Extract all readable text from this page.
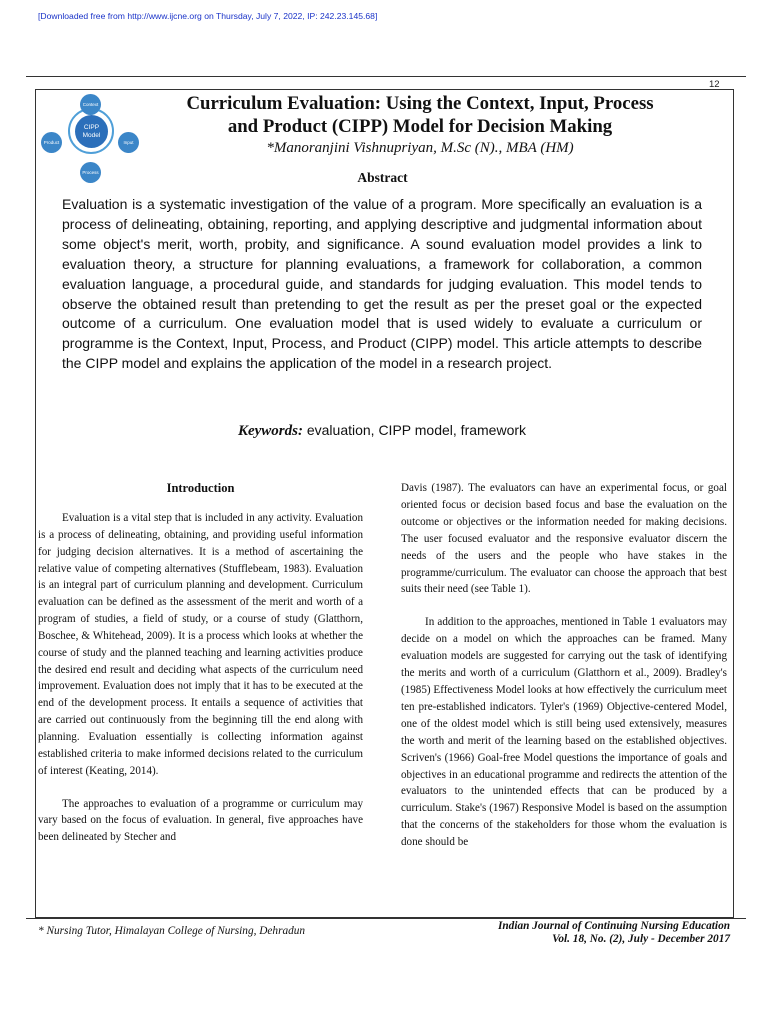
[Downloaded free from http://www.ijcne.org on Thursday, July 7, 2022, IP: 242.23.145.68]
12
CIPP Model
Context
Input
Process
Product
Curriculum Evaluation: Using the Context, Input, Process
and Product (CIPP) Model for Decision Making
*Manoranjini Vishnupriyan, M.Sc (N)., MBA (HM)
Abstract
Evaluation is a systematic investigation of the value of a program. More specifically an evaluation is a process of delineating, obtaining, reporting, and applying descriptive and judgmental information about some object's merit, worth, probity, and significance. A sound evaluation model provides a link to evaluation theory, a structure for planning evaluations, a framework for collaboration, a common evaluation language, a procedural guide, and standards for judging evaluation. This model tends to observe the obtained result than pretending to get the result as per the preset goal or the expected outcome of a curriculum. One evaluation model that is used widely to evaluate a curriculum or programme is the Context, Input, Process, and Product (CIPP) model. This article attempts to describe the CIPP model and explains the application of the model in a research project.
Keywords: evaluation, CIPP model, framework
Introduction

Evaluation is a vital step that is included in any activity. Evaluation is a process of delineating, obtaining, and providing useful information for judging decision alternatives. It is a method of ascertaining the relative value of competing alternatives (Stufflebeam, 1983). Evaluation is an integral part of curriculum planning and development. Curriculum evaluation can be defined as the assessment of the merit and worth of a program of studies, a field of study, or a course of study (Glatthorn, Boschee, & Whitehead, 2009). It is a process which looks at whether the course of study and the planned teaching and learning activities produce the desired end result and deciding what aspects of the curriculum need improvement. Evaluation does not imply that it has to be executed at the end of the development process. It entails a sequence of activities that are carried out continuously from the beginning till the end along with planning. Evaluation essentially is collecting information against established criteria to make informed decisions related to the curriculum of interest (Keating, 2014).

The approaches to evaluation of a programme or curriculum may vary based on the focus of evaluation. In general, five approaches have been delineated by Stecher and

Davis (1987). The evaluators can have an experimental focus, or goal oriented focus or decision based focus and base the evaluation on the outcome or objectives or the information needed for making decisions. The user focused evaluator and the responsive evaluator discern the needs of the users and the people who have stakes in the programme/curriculum. The evaluator can choose the approach that best suits their need (see Table 1).

In addition to the approaches, mentioned in Table 1 evaluators may decide on a model on which the approaches can be framed. Many evaluation models are suggested for carrying out the task of identifying the merits and worth of a curriculum (Glatthorn et al., 2009). Bradley's (1985) Effectiveness Model looks at how effectively the curriculum meet ten pre-established indicators. Tyler's (1969) Objective-centered Model, one of the oldest model which is still being used extensively, measures the worth and merit of the learning based on the established objectives. Scriven's (1966) Goal-free Model questions the importance of goals and objectives in an educational programme and redirects the attention of the evaluators to the unintended effects that can be produced by a curriculum. Stake's (1967) Responsive Model is based on the assumption that the concerns of the stakeholders for those whom the evaluation is done should be

* Nursing Tutor, Himalayan College of Nursing, Dehradun	Indian Journal of Continuing Nursing Education
Vol. 18, No. (2), July - December 2017
